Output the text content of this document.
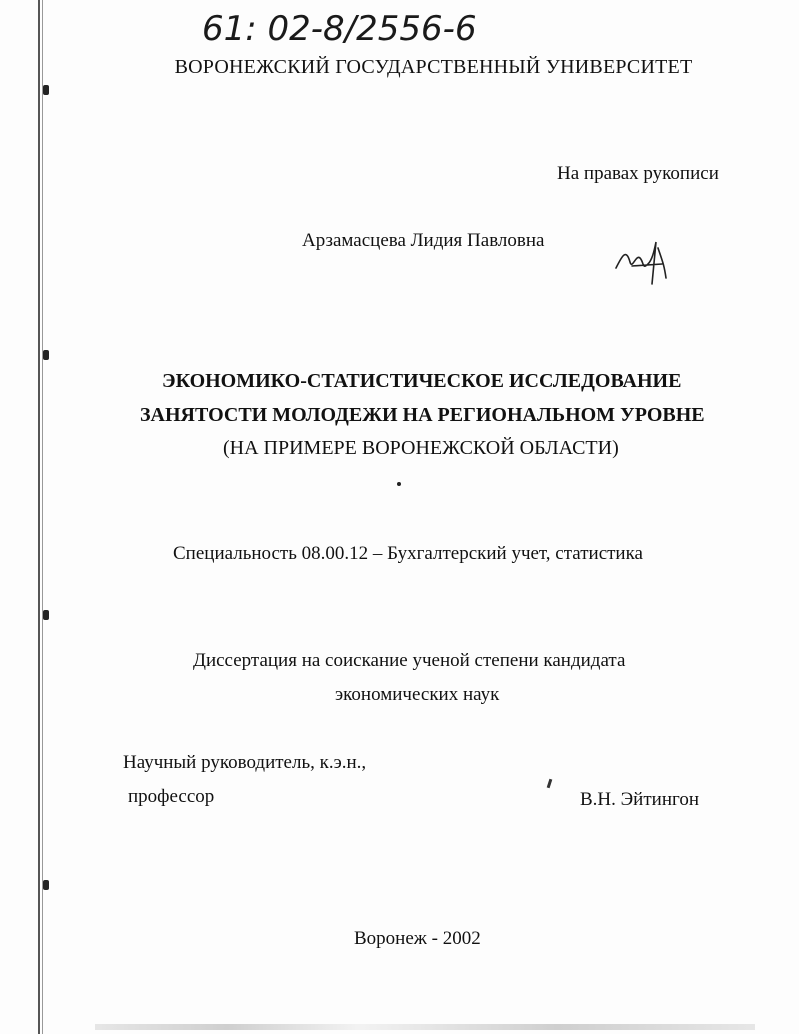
61: 02-8/2556-6
ВОРОНЕЖСКИЙ ГОСУДАРСТВЕННЫЙ УНИВЕРСИТЕТ
На правах рукописи
Арзамасцева Лидия Павловна
ЭКОНОМИКО-СТАТИСТИЧЕСКОЕ ИССЛЕДОВАНИЕ
ЗАНЯТОСТИ МОЛОДЕЖИ НА РЕГИОНАЛЬНОМ УРОВНЕ
(НА ПРИМЕРЕ ВОРОНЕЖСКОЙ ОБЛАСТИ)
Специальность 08.00.12 – Бухгалтерский учет, статистика
Диссертация на соискание ученой степени кандидата
экономических наук
Научный руководитель, к.э.н.,
профессор	В.Н. Эйтингон
Воронеж - 2002
